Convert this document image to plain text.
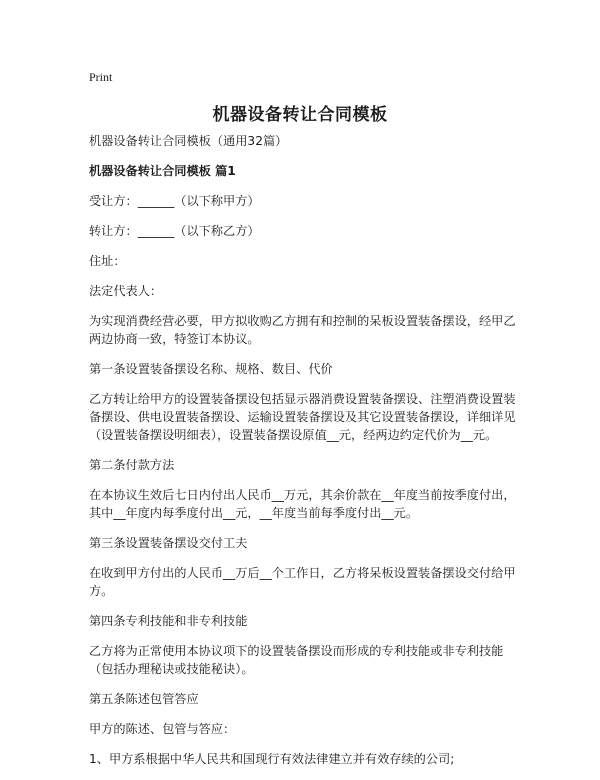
Print
机器设备转让合同模板

机器设备转让合同模板（通用32篇）

机器设备转让合同模板 篇1

受让方：______（以下称甲方）

转让方：______（以下称乙方）

住址：

法定代表人：

为实现消费经营必要，甲方拟收购乙方拥有和控制的呆板设置装备摆设，经甲乙两边协商一致，特签订本协议。

第一条设置装备摆设名称、规格、数目、代价

乙方转让给甲方的设置装备摆设包括显示器消费设置装备摆设、注塑消费设置装备摆设、供电设置装备摆设、运输设置装备摆设及其它设置装备摆设，详细详见（设置装备摆设明细表），设置装备摆设原值__元，经两边约定代价为__元。

第二条付款方法

在本协议生效后七日内付出人民币__万元，其余价款在__年度当前按季度付出，其中__年度内每季度付出__元，__年度当前每季度付出__元。

第三条设置装备摆设交付工夫

在收到甲方付出的人民币__万后__个工作日，乙方将呆板设置装备摆设交付给甲方。

第四条专利技能和非专利技能

乙方将为正常使用本协议项下的设置装备摆设而形成的专利技能或非专利技能（包括办理秘诀或技能秘诀）。

第五条陈述包管答应

甲方的陈述、包管与答应：

1、甲方系根据中华人民共和国现行有效法律建立并有效存续的公司;
